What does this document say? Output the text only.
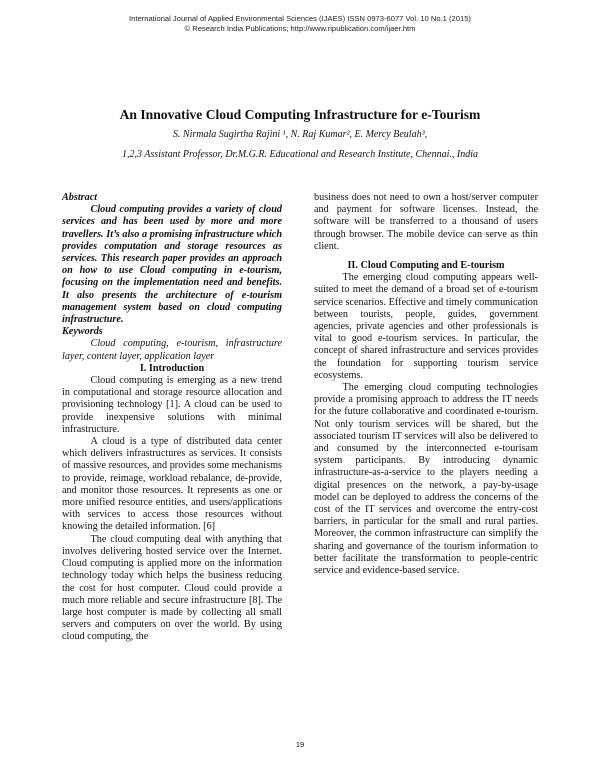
International Journal of Applied Environmental Sciences (IJAES) ISSN 0973-6077 Vol. 10 No.1 (2015)
© Research India Publications; http://www.ripublication.com/ijaer.htm
An Innovative Cloud Computing Infrastructure for e-Tourism
S. Nirmala Sugirtha Rajini ¹, N. Raj Kumar², E. Mercy Beulah³,
1,2,3 Assistant Professor, Dr.M.G.R. Educational and Research Institute, Chennai., India

Abstract

Cloud computing provides a variety of cloud services and has been used by more and more travellers. It’s also a promising infrastructure which provides computation and storage resources as services. This research paper provides an approach on how to use Cloud computing in e-tourism, focusing on the implementation need and benefits. It also presents the architecture of e-tourism management system based on cloud computing infrastructure.

Keywords

Cloud computing, e-tourism, infrastructure layer, content layer, application layer

I. Introduction

Cloud computing is emerging as a new trend in computational and storage resource allocation and provisioning technology [1]. A cloud can be used to provide inexpensive solutions with minimal infrastructure.

A cloud is a type of distributed data center which delivers infrastructures as services. It consists of massive resources, and provides some mechanisms to provide, reimage, workload rebalance, de-provide, and monitor those resources. It represents as one or more unified resource entities, and users/applications with services to access those resources without knowing the detailed information. [6]

The cloud computing deal with anything that involves delivering hosted service over the Internet. Cloud computing is applied more on the information technology today which helps the business reducing the cost for host computer. Cloud could provide a much more reliable and secure infrastructure [8]. The large host computer is made by collecting all small servers and computers on over the world. By using cloud computing, the

business does not need to own a host/server computer and payment for software licenses. Instead, the software will be transferred to a thousand of users through browser. The mobile device can serve as thin client.

II. Cloud Computing and E-tourism

The emerging cloud computing appears well-suited to meet the demand of a broad set of e-tourism service scenarios. Effective and timely communication between tourists, people, guides, government agencies, private agencies and other professionals is vital to good e-tourism services. In particular, the concept of shared infrastructure and services provides the foundation for supporting tourism service ecosystems.

The emerging cloud computing technologies provide a promising approach to address the IT needs for the future collaborative and coordinated e-tourism. Not only tourism services will be shared, but the associated tourism IT services will also be delivered to and consumed by the interconnected e-tourisam system participants. By introducing dynamic infrastructure-as-a-service to the players needing a digital presences on the network, a pay-by-usage model can be deployed to address the concerns of the cost of the IT services and overcome the entry-cost barriers, in particular for the small and rural parties. Moreover, the common infrastructure can simplify the sharing and governance of the tourism information to better facilitate the transformation to people-centric service and evidence-based service.

19
